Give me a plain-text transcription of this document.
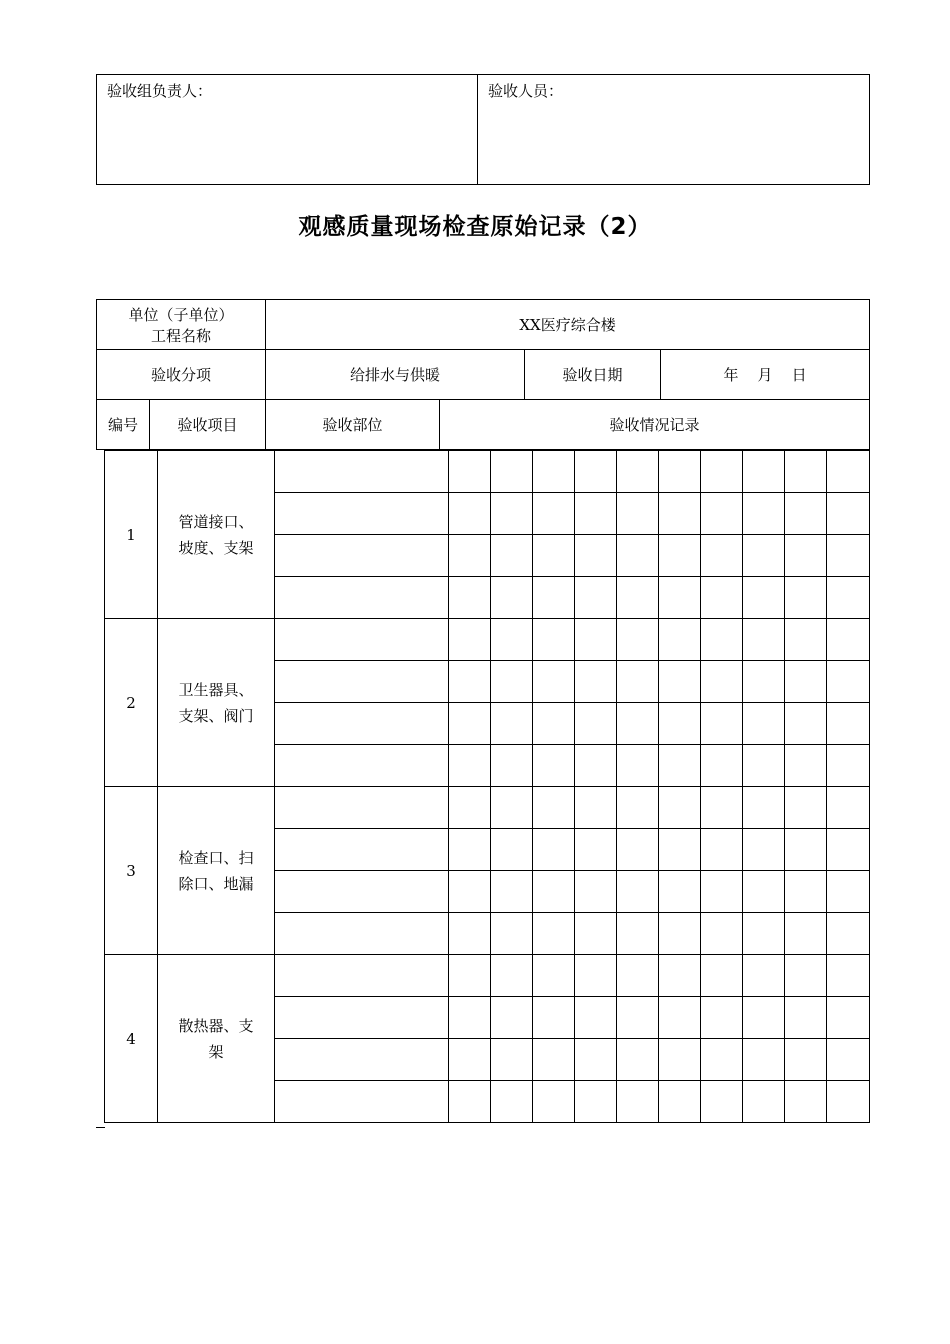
验收组负责人：	验收人员：
观感质量现场检查原始记录（2）
单位（子单位）
工程名称		XX医疗综合楼			
验收分项		给排水与供暖		验收日期	年    月    日
编号	验收项目	验收部位	验收情况记录		
1	管道接口、
坡度、支架											

2	卫生器具、
支架、阀门											

3	检查口、扫
除口、地漏											

4	散热器、支
架											
